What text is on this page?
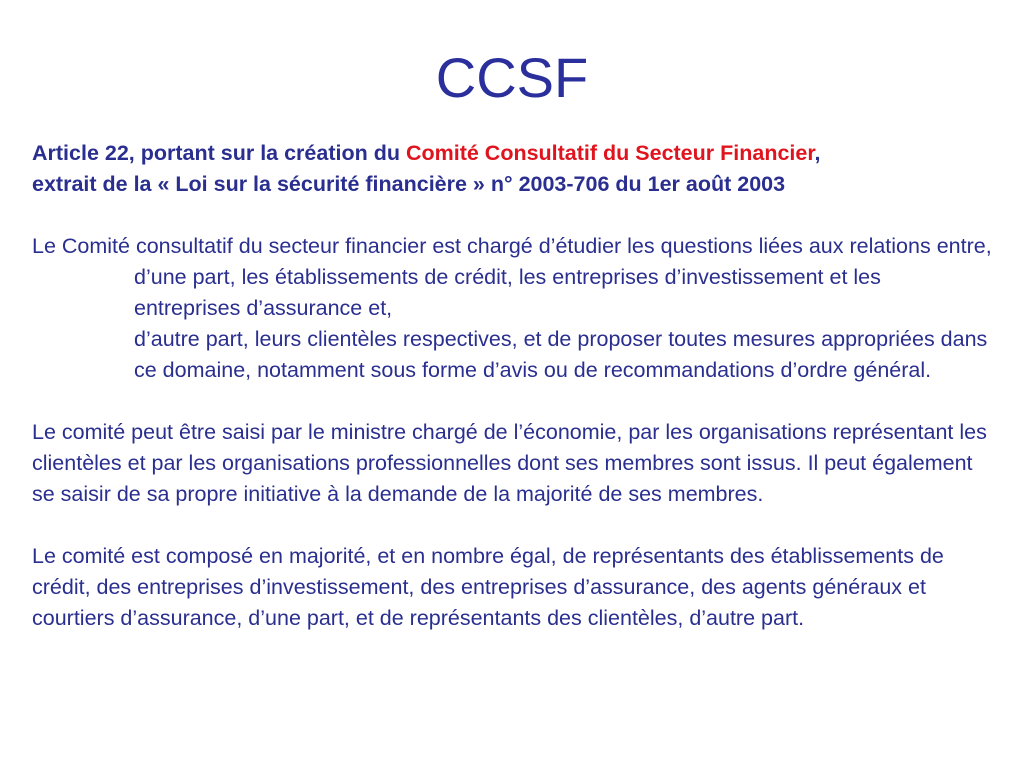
CCSF

Article 22, portant sur la création du Comité Consultatif du Secteur Financier,
extrait de la « Loi sur la sécurité financière » n° 2003-706 du 1er août 2003

Le Comité consultatif du secteur financier est chargé d’étudier les questions liées aux relations entre,

d’une part, les établissements de crédit, les entreprises d’investissement et les entreprises d’assurance et,

d’autre part, leurs clientèles respectives, et de proposer toutes mesures appropriées dans ce domaine, notamment sous forme d’avis ou de recommandations d’ordre général.

Le comité peut être saisi par le ministre chargé de l’économie, par les organisations représentant les clientèles et par les organisations professionnelles dont ses membres sont issus. Il peut également se saisir de sa propre initiative à la demande de la majorité de ses membres.

Le comité est composé en majorité, et en nombre égal, de représentants des établissements de crédit, des entreprises d’investissement, des entreprises d’assurance, des agents généraux et courtiers d’assurance, d’une part, et de représentants des clientèles, d’autre part.
